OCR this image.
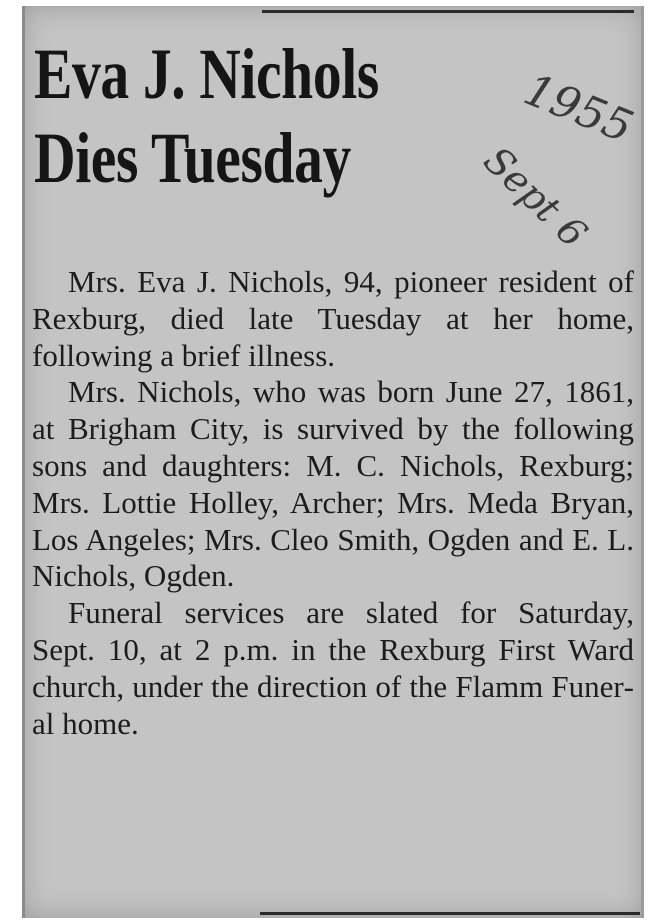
Eva J. Nichols
Dies Tuesday
1955
Sept 6

Mrs. Eva J. Nichols, 94, pioneer resident of Rexburg, died late Tuesday at her home, following a brief illness.

Mrs. Nichols, who was born June 27, 1861, at Brigham City, is survived by the following sons and daughters: M. C. Nichols, Rexburg; Mrs. Lottie Holley, Archer; Mrs. Meda Bryan, Los Angeles; Mrs. Cleo Smith, Ogden and E. L. Nichols, Ogden.

Funeral services are slated for Saturday, Sept. 10, at 2 p.m. in the Rexburg First Ward church, under the direction of the Flamm Funeral home.
